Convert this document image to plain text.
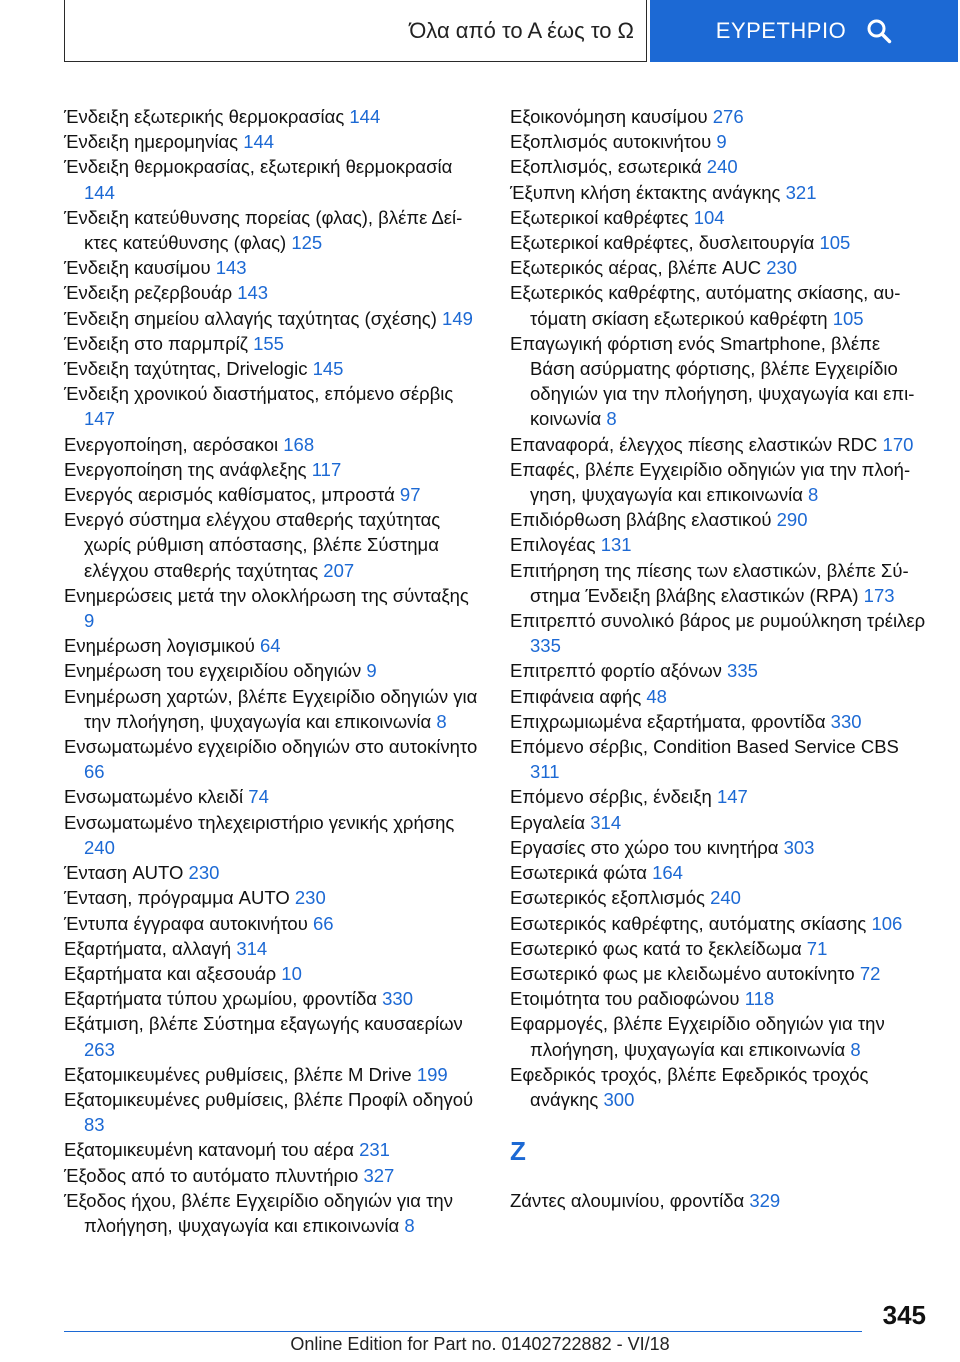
Όλα από το Α έως το Ω	ΕΥΡΕΤΗΡΙΟ
Ένδειξη εξωτερικής θερμοκρασίας 144
Ένδειξη ημερομηνίας 144
Ένδειξη θερμοκρασίας, εξωτερική θερμοκρασία 144
Ένδειξη κατεύθυνσης πορείας (φλας), βλέπε Δείκτες κατεύθυνσης (φλας) 125
Ένδειξη καυσίμου 143
Ένδειξη ρεζερβουάρ 143
Ένδειξη σημείου αλλαγής ταχύτητας (σχέσης) 149
Ένδειξη στο παρμπρίζ 155
Ένδειξη ταχύτητας, Drivelogic 145
Ένδειξη χρονικού διαστήματος, επόμενο σέρβις 147
Ενεργοποίηση, αερόσακοι 168
Ενεργοποίηση της ανάφλεξης 117
Ενεργός αερισμός καθίσματος, μπροστά 97
Ενεργό σύστημα ελέγχου σταθερής ταχύτητας χωρίς ρύθμιση απόστασης, βλέπε Σύστημα ελέγχου σταθερής ταχύτητας 207
Ενημερώσεις μετά την ολοκλήρωση της σύνταξης 9
Ενημέρωση λογισμικού 64
Ενημέρωση του εγχειριδίου οδηγιών 9
Ενημέρωση χαρτών, βλέπε Εγχειρίδιο οδηγιών για την πλοήγηση, ψυχαγωγία και επικοινωνία 8
Ενσωματωμένο εγχειρίδιο οδηγιών στο αυτοκίνητο 66
Ενσωματωμένο κλειδί 74
Ενσωματωμένο τηλεχειριστήριο γενικής χρήσης 240
Ένταση AUTO 230
Ένταση, πρόγραμμα AUTO 230
Έντυπα έγγραφα αυτοκινήτου 66
Εξαρτήματα, αλλαγή 314
Εξαρτήματα και αξεσουάρ 10
Εξαρτήματα τύπου χρωμίου, φροντίδα 330
Εξάτμιση, βλέπε Σύστημα εξαγωγής καυσαερίων 263
Εξατομικευμένες ρυθμίσεις, βλέπε M Drive 199
Εξατομικευμένες ρυθμίσεις, βλέπε Προφίλ οδηγού 83
Εξατομικευμένη κατανομή του αέρα 231
Έξοδος από το αυτόματο πλυντήριο 327
Έξοδος ήχου, βλέπε Εγχειρίδιο οδηγιών για την πλοήγηση, ψυχαγωγία και επικοινωνία 8
Εξοικονόμηση καυσίμου 276
Εξοπλισμός αυτοκινήτου 9
Εξοπλισμός, εσωτερικά 240
Έξυπνη κλήση έκτακτης ανάγκης 321
Εξωτερικοί καθρέφτες 104
Εξωτερικοί καθρέφτες, δυσλειτουργία 105
Εξωτερικός αέρας, βλέπε AUC 230
Εξωτερικός καθρέφτης, αυτόματης σκίασης, αυτόματη σκίαση εξωτερικού καθρέφτη 105
Επαγωγική φόρτιση ενός Smartphone, βλέπε Βάση ασύρματης φόρτισης, βλέπε Εγχειρίδιο οδηγιών για την πλοήγηση, ψυχαγωγία και επικοινωνία 8
Επαναφορά, έλεγχος πίεσης ελαστικών RDC 170
Επαφές, βλέπε Εγχειρίδιο οδηγιών για την πλοήγηση, ψυχαγωγία και επικοινωνία 8
Επιδιόρθωση βλάβης ελαστικού 290
Επιλογέας 131
Επιτήρηση της πίεσης των ελαστικών, βλέπε Σύστημα Ένδειξη βλάβης ελαστικών (RPA) 173
Επιτρεπτό συνολικό βάρος με ρυμούλκηση τρέιλερ 335
Επιτρεπτό φορτίο αξόνων 335
Επιφάνεια αφής 48
Επιχρωμιωμένα εξαρτήματα, φροντίδα 330
Επόμενο σέρβις, Condition Based Service CBS 311
Επόμενο σέρβις, ένδειξη 147
Εργαλεία 314
Εργασίες στο χώρο του κινητήρα 303
Εσωτερικά φώτα 164
Εσωτερικός εξοπλισμός 240
Εσωτερικός καθρέφτης, αυτόματης σκίασης 106
Εσωτερικό φως κατά το ξεκλείδωμα 71
Εσωτερικό φως με κλειδωμένο αυτοκίνητο 72
Ετοιμότητα του ραδιοφώνου 118
Εφαρμογές, βλέπε Εγχειρίδιο οδηγιών για την πλοήγηση, ψυχαγωγία και επικοινωνία 8
Εφεδρικός τροχός, βλέπε Εφεδρικός τροχός ανάγκης 300
Z
Ζάντες αλουμινίου, φροντίδα 329
345
Online Edition for Part no. 01402722882 - VI/18
